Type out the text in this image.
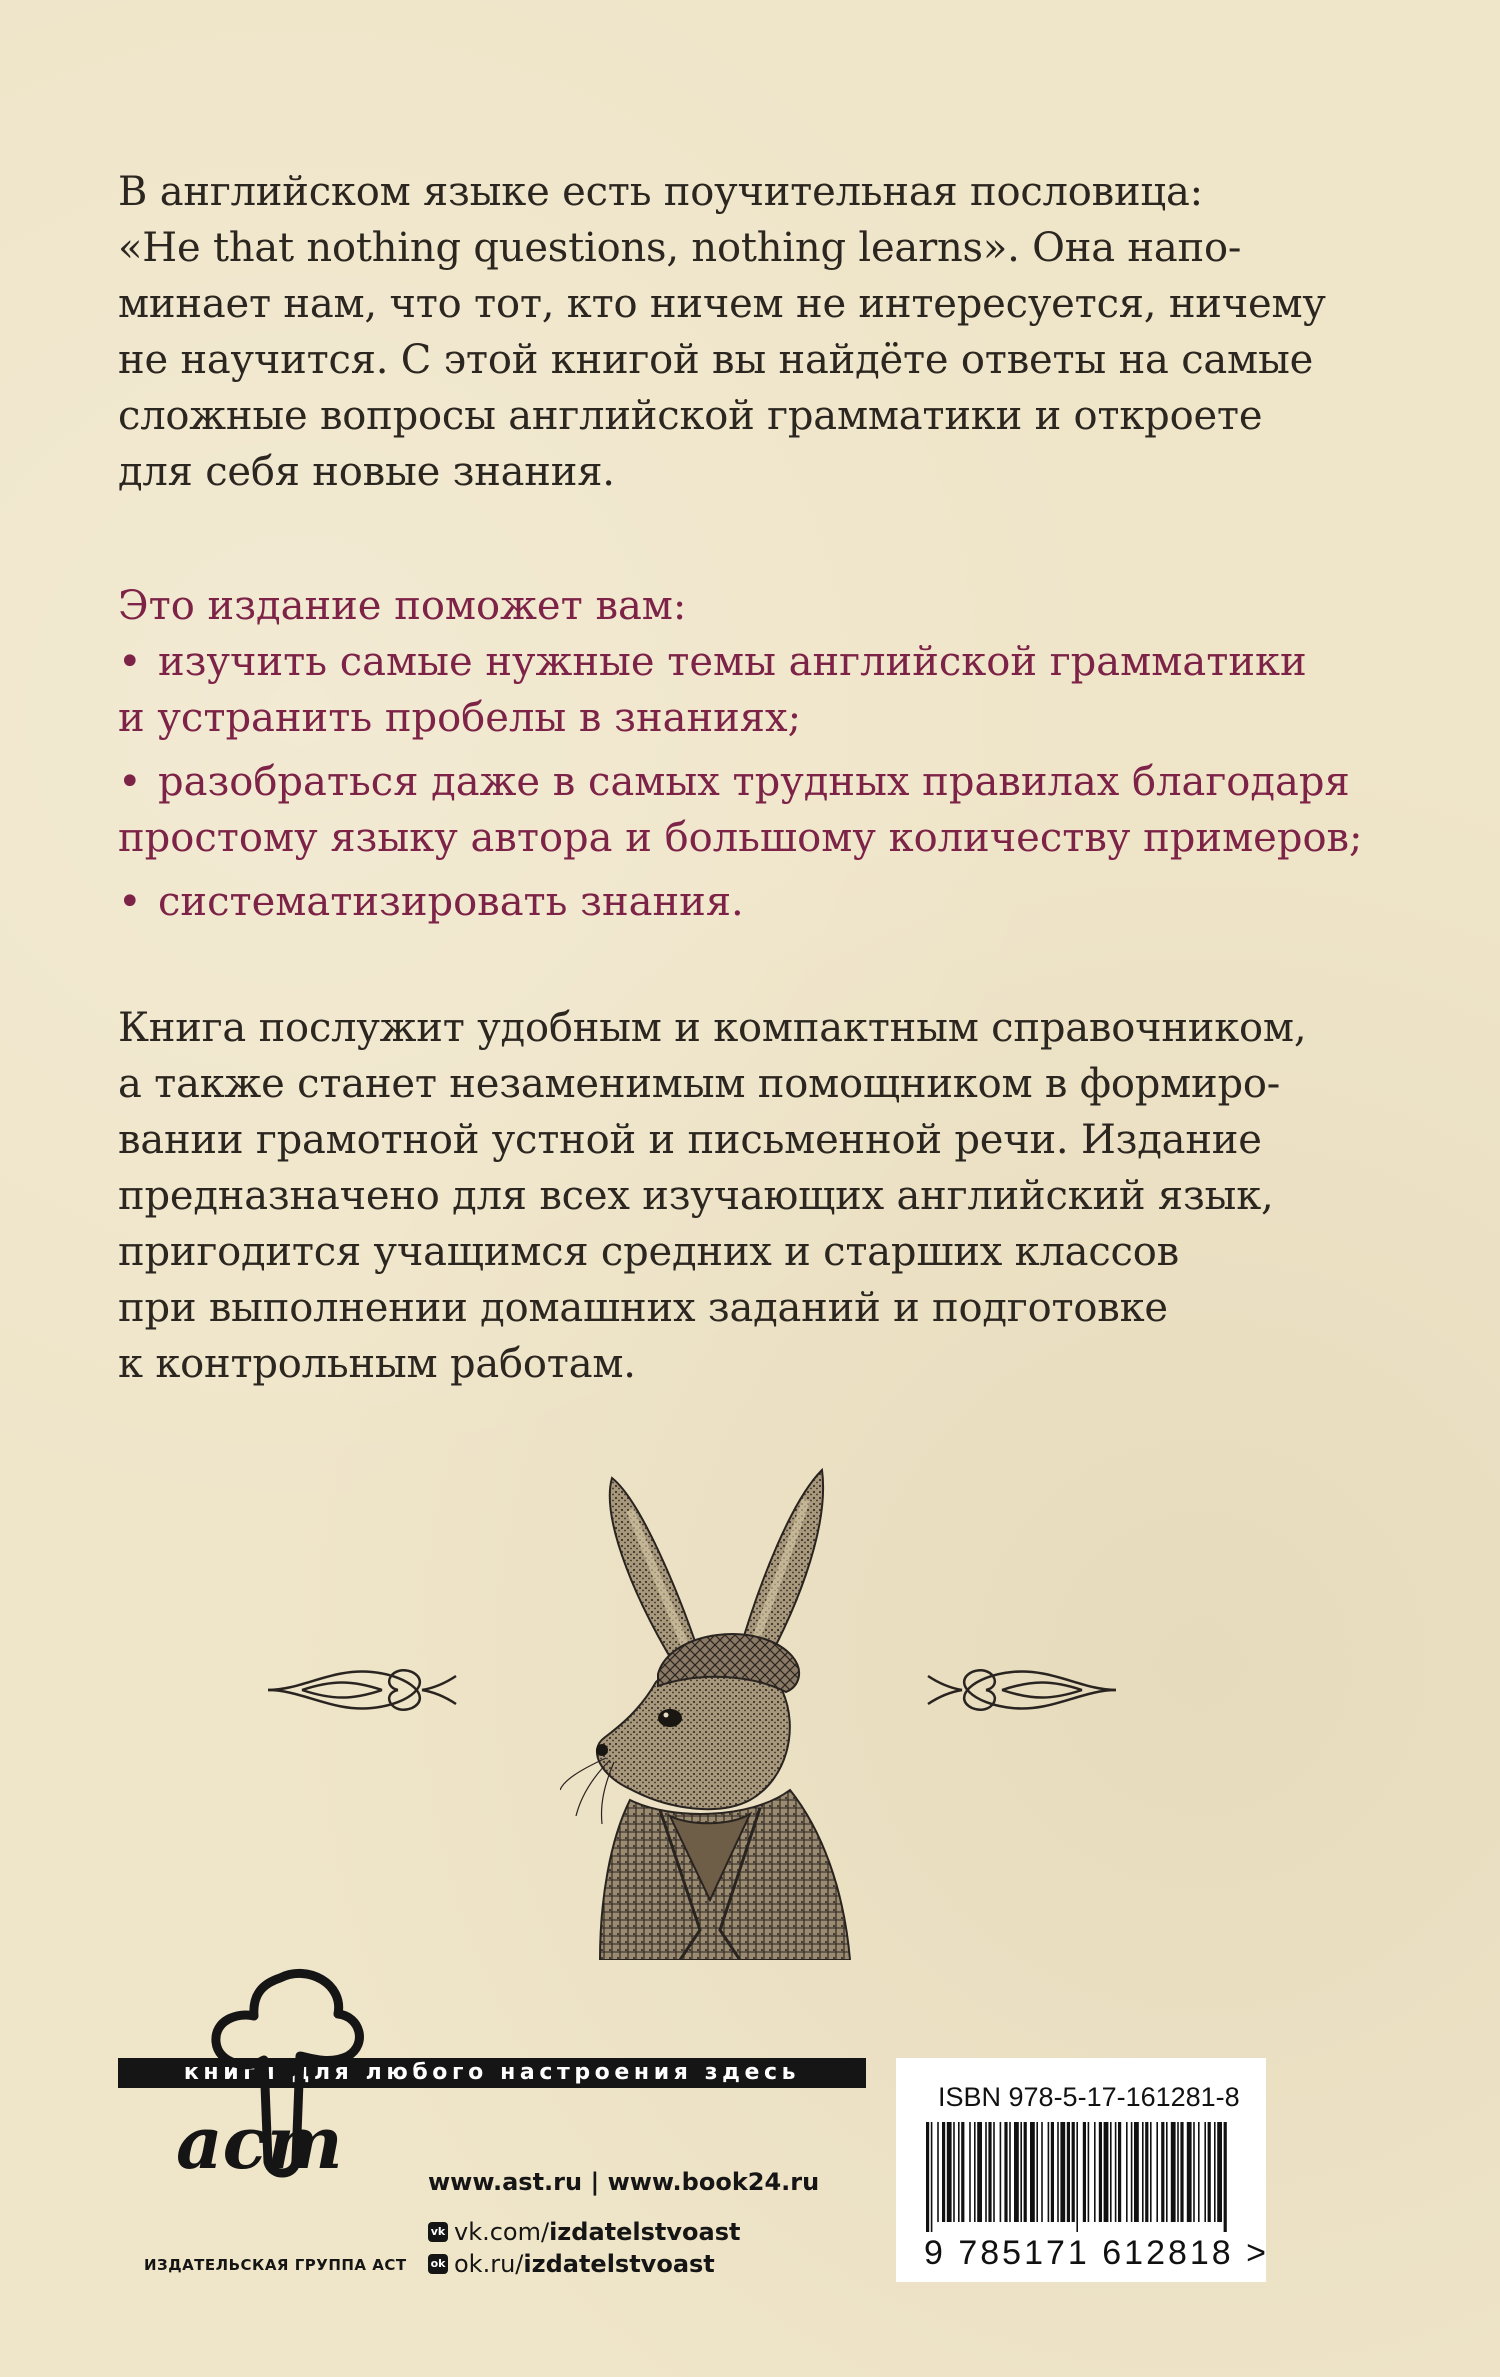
В английском языке есть поучительная пословица:
«He that nothing questions, nothing learns». Она напо-
минает нам, что тот, кто ничем не интересуется, ничему
не научится. С этой книгой вы найдёте ответы на самые
сложные вопросы английской грамматики и откроете
для себя новые знания.
Это издание поможет вам:
• изучить самые нужные темы английской грамматики
и устранить пробелы в знаниях;
• разобраться даже в самых трудных правилах благодаря
простому языку автора и большому количеству примеров;
• систематизировать знания.
Книга послужит удобным и компактным справочником,
а также станет незаменимым помощником в формиро-
вании грамотной устной и письменной речи. Издание
предназначено для всех изучающих английский язык,
пригодится учащимся средних и старших классов
при выполнении домашних заданий и подготовке
к контрольным работам.
книги для любого настроения здесь
аст
ИЗДАТЕЛЬСКАЯ ГРУППА АСТ
www.ast.ru | www.book24.ru
vk vk.com/izdatelstvoast
ok ok.ru/izdatelstvoast
ISBN 978-5-17-161281-8
9 785171 612818 >
